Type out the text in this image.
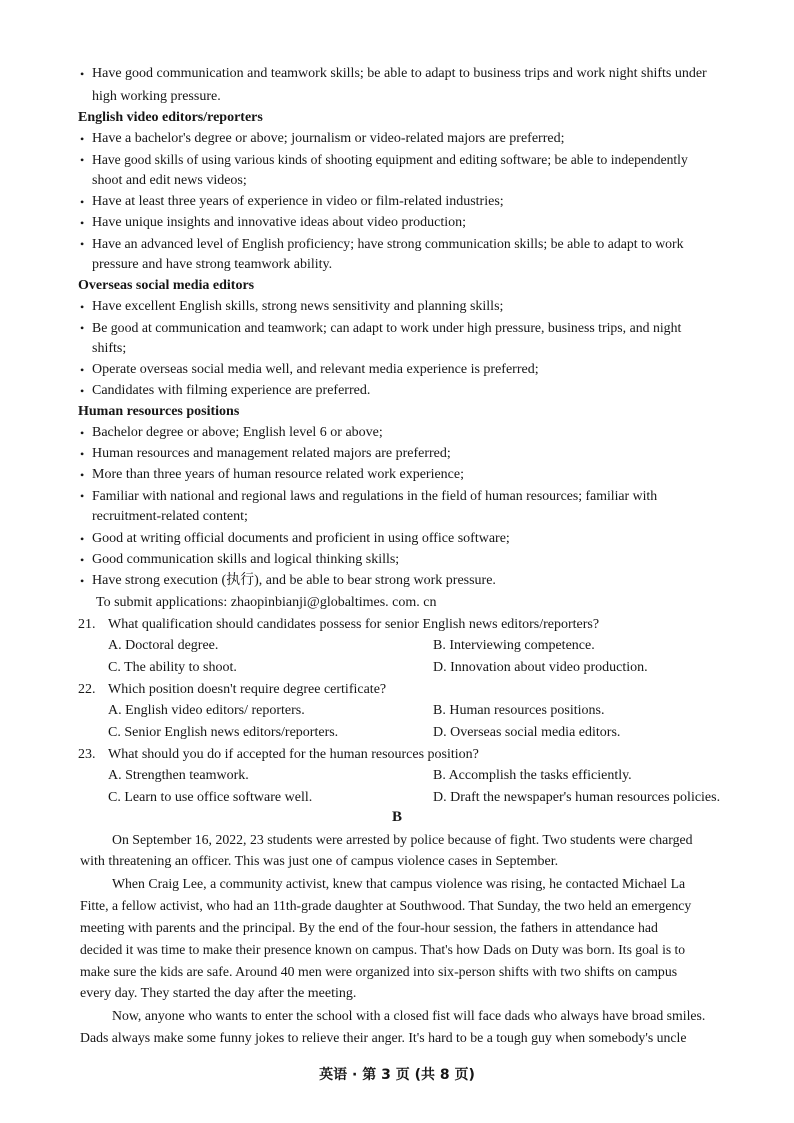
• Have good communication and teamwork skills; be able to adapt to business trips and work night shifts under
high working pressure.
English video editors/reporters
• Have a bachelor's degree or above; journalism or video-related majors are preferred;
• Have good skills of using various kinds of shooting equipment and editing software; be able to independently
shoot and edit news videos;
• Have at least three years of experience in video or film-related industries;
• Have unique insights and innovative ideas about video production;
• Have an advanced level of English proficiency; have strong communication skills; be able to adapt to work
pressure and have strong teamwork ability.
Overseas social media editors
• Have excellent English skills, strong news sensitivity and planning skills;
• Be good at communication and teamwork; can adapt to work under high pressure, business trips, and night
shifts;
• Operate overseas social media well, and relevant media experience is preferred;
• Candidates with filming experience are preferred.
Human resources positions
• Bachelor degree or above; English level 6 or above;
• Human resources and management related majors are preferred;
• More than three years of human resource related work experience;
• Familiar with national and regional laws and regulations in the field of human resources; familiar with
recruitment-related content;
• Good at writing official documents and proficient in using office software;
• Good communication skills and logical thinking skills;
• Have strong execution (执行), and be able to bear strong work pressure.
To submit applications: zhaopinbianji@globaltimes. com. cn
21. What qualification should candidates possess for senior English news editors/reporters?
A. Doctoral degree.	B. Interviewing competence.
C. The ability to shoot.	D. Innovation about video production.
22. Which position doesn't require degree certificate?
A. English video editors/ reporters.	B. Human resources positions.
C. Senior English news editors/reporters.	D. Overseas social media editors.
23. What should you do if accepted for the human resources position?
A. Strengthen teamwork.	B. Accomplish the tasks efficiently.
C. Learn to use office software well.	D. Draft the newspaper's human resources policies.
B
On September 16, 2022, 23 students were arrested by police because of fight. Two students were charged
with threatening an officer. This was just one of campus violence cases in September.
When Craig Lee, a community activist, knew that campus violence was rising, he contacted Michael La
Fitte, a fellow activist, who had an 11th-grade daughter at Southwood. That Sunday, the two held an emergency
meeting with parents and the principal. By the end of the four-hour session, the fathers in attendance had
decided it was time to make their presence known on campus. That's how Dads on Duty was born. Its goal is to
make sure the kids are safe. Around 40 men were organized into six-person shifts with two shifts on campus
every day. They started the day after the meeting.
Now, anyone who wants to enter the school with a closed fist will face dads who always have broad smiles.
Dads always make some funny jokes to relieve their anger. It's hard to be a tough guy when somebody's uncle
英语 · 第 3 页 (共 8 页)
